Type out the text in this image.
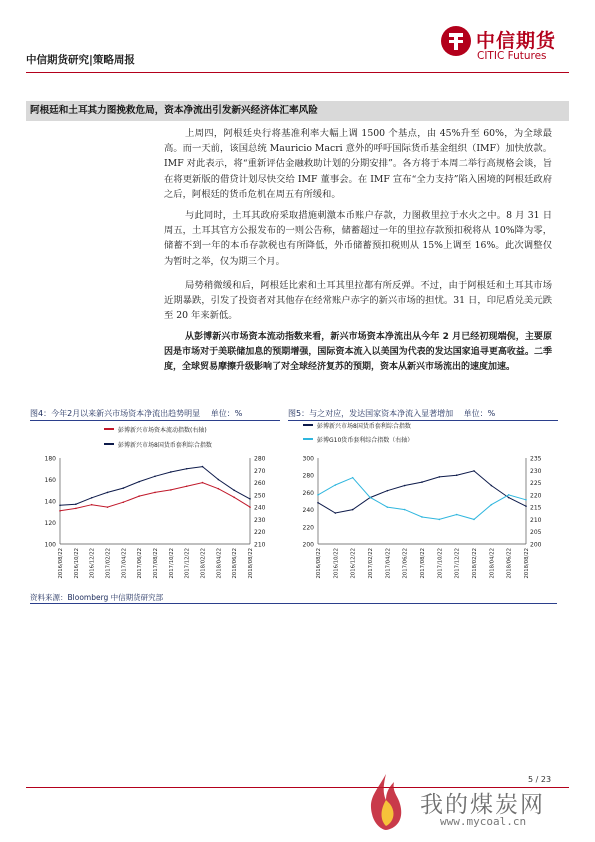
中信期货研究|策略周报
中信期货
CITIC Futures
阿根廷和土耳其力图挽救危局，资本净流出引发新兴经济体汇率风险
上周四，阿根廷央行将基准利率大幅上调 1500 个基点，由 45%升至 60%，为全球最高。而一天前，该国总统 Mauricio Macri 意外的呼吁国际货币基金组织（IMF）加快放款。IMF 对此表示，将“重新评估金融救助计划的分期安排”。各方将于本周二举行高规格会谈，旨在将更新版的借贷计划尽快交给 IMF 董事会。在 IMF 宣布“全力支持”陷入困境的阿根廷政府之后，阿根廷的货币危机在周五有所缓和。
与此同时，土耳其政府采取措施刺激本币账户存款，力图救里拉于水火之中。8 月 31 日周五，土耳其官方公报发布的一则公告称，储蓄超过一年的里拉存款预扣税将从 10%降为零，储蓄不到一年的本币存款税也有所降低，外币储蓄预扣税则从 15%上调至 16%。此次调整仅为暂时之举，仅为期三个月。
局势稍微缓和后，阿根廷比索和土耳其里拉都有所反弹。不过，由于阿根廷和土耳其市场近期暴跌，引发了投资者对其他存在经常账户赤字的新兴市场的担忧。31 日，印尼盾兑美元跌至 20 年来新低。
从彭博新兴市场资本流动指数来看，新兴市场资本净流出从今年 2 月已经初现端倪，主要原因是市场对于美联储加息的预期增强，国际资本流入以美国为代表的发达国家追寻更高收益。二季度，全球贸易摩擦升级影响了对全球经济复苏的预期，资本从新兴市场流出的速度加速。
图4：今年2月以来新兴市场资本净流出趋势明显 单位：%
彭博新兴市场资本流动指数(右轴)
彭博新兴市场8国货币套利综合指数
100
120
140
160
180
210
220
230
240
250
260
270
280
2016/08/22 2016/10/22 2016/12/22 2017/02/22 2017/04/22 2017/06/22 2017/08/22 2017/10/22 2017/12/22 2018/02/22 2018/04/22 2018/06/22 2018/08/22
图5：与之对应，发达国家资本净流入显著增加 单位：%
彭博新兴市场8国货币套利综合指数
彭博G10货币套利综合指数（右轴）
200
220
240
260
280
300
200
205
210
215
220
225
230
235
2016/08/22 2016/10/22 2016/12/22 2017/02/22 2017/04/22 2017/06/22 2017/08/22 2017/10/22 2017/12/22 2018/02/22 2018/04/22 2018/06/22 2018/08/22
资料来源：Bloomberg 中信期货研究部
5 / 23
我的煤炭网
www.mycoal.cn
